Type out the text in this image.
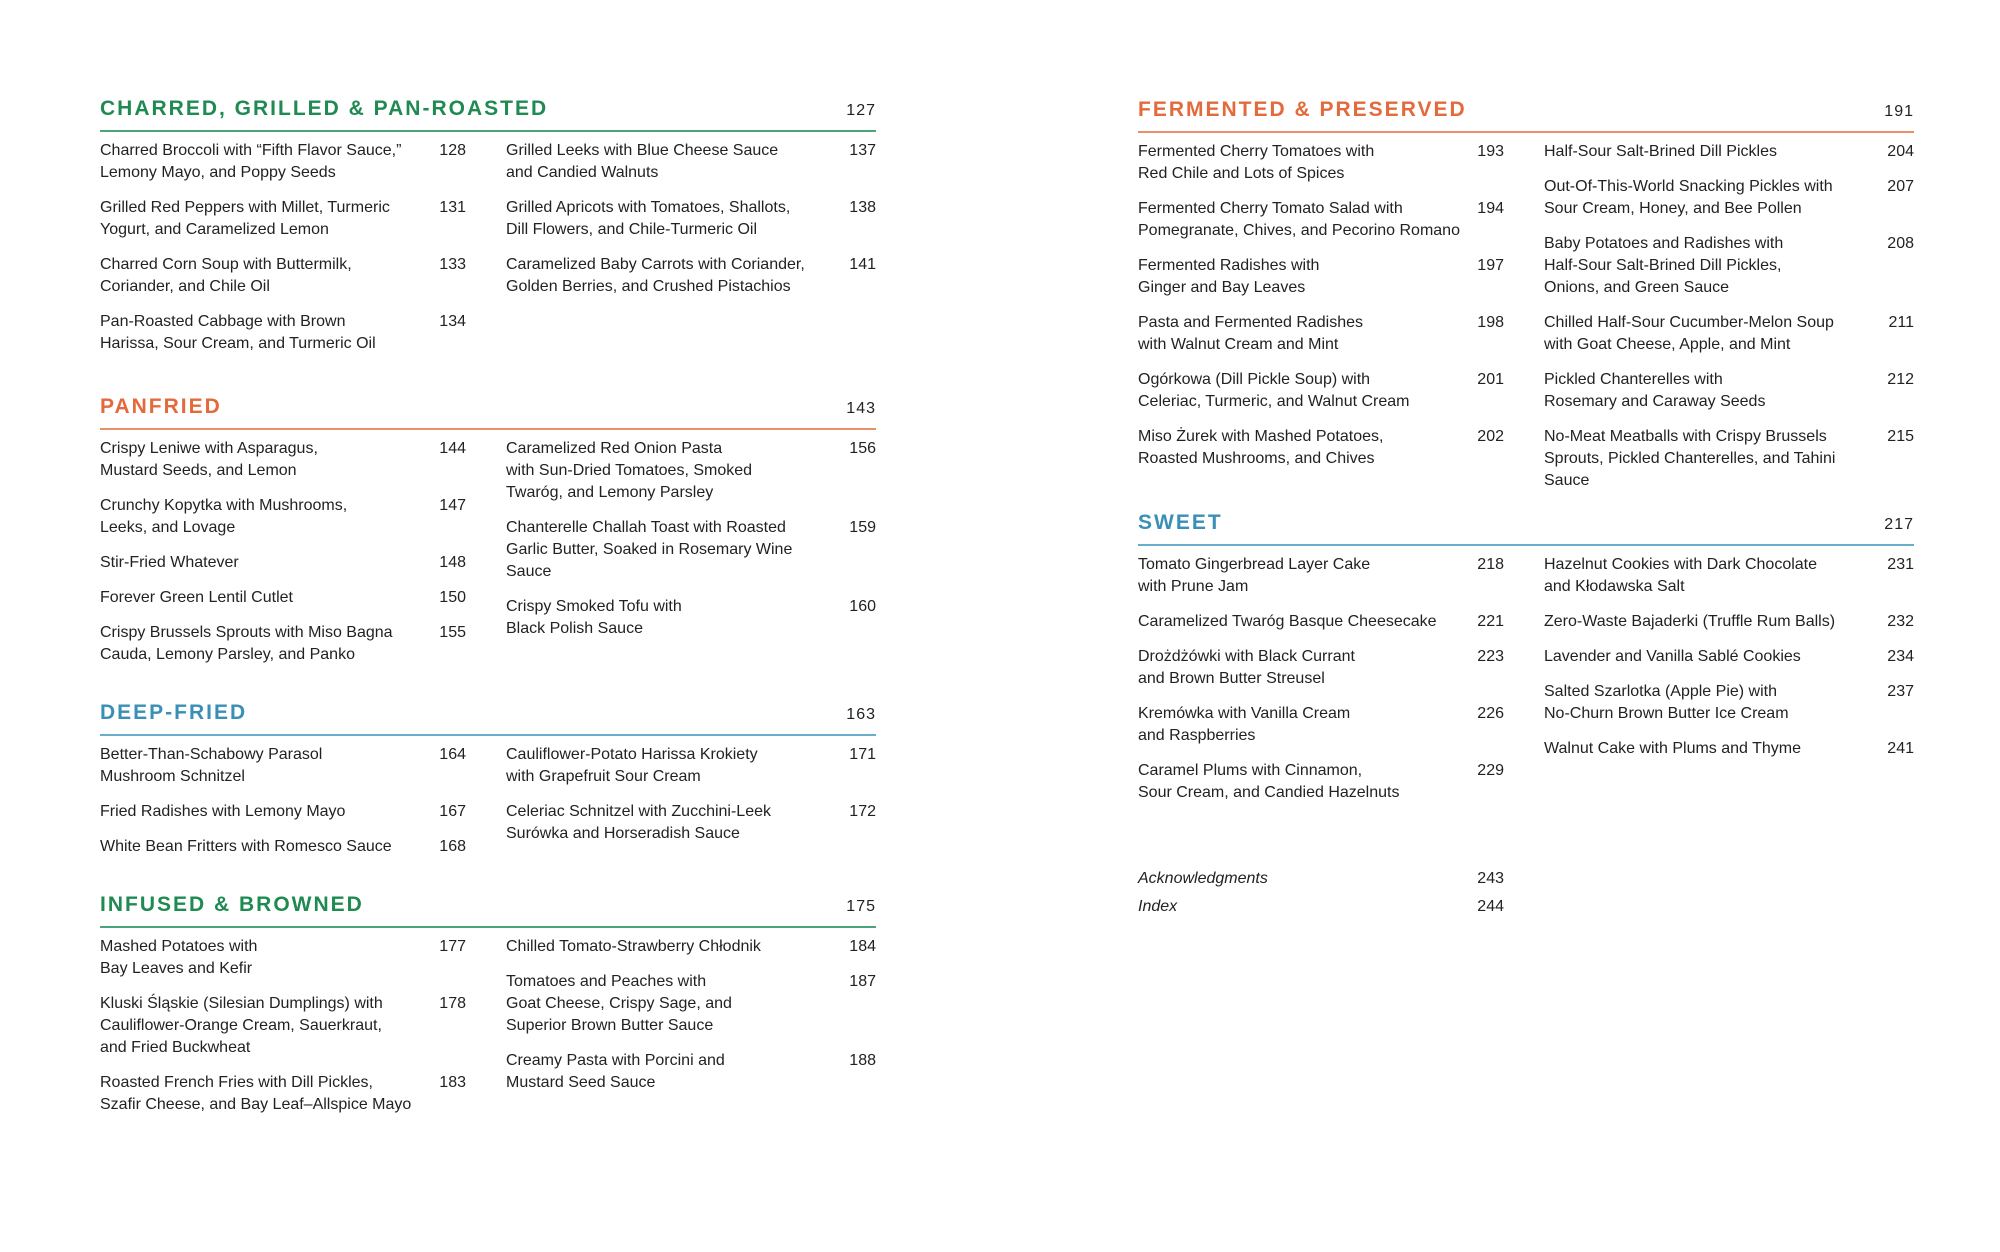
CHARRED, GRILLED & PAN-ROASTED	127
Charred Broccoli with “Fifth Flavor Sauce,”
Lemony Mayo, and Poppy Seeds
128
Grilled Red Peppers with Millet, Turmeric
Yogurt, and Caramelized Lemon
131
Charred Corn Soup with Buttermilk,
Coriander, and Chile Oil
133
Pan-Roasted Cabbage with Brown
Harissa, Sour Cream, and Turmeric Oil
134
Grilled Leeks with Blue Cheese Sauce
and Candied Walnuts
137
Grilled Apricots with Tomatoes, Shallots,
Dill Flowers, and Chile-Turmeric Oil
138
Caramelized Baby Carrots with Coriander,
Golden Berries, and Crushed Pistachios
141
PANFRIED	143
Crispy Leniwe with Asparagus,
Mustard Seeds, and Lemon
144
Crunchy Kopytka with Mushrooms,
Leeks, and Lovage
147
Stir-Fried Whatever	148
Forever Green Lentil Cutlet	150
Crispy Brussels Sprouts with Miso Bagna
Cauda, Lemony Parsley, and Panko
155
Caramelized Red Onion Pasta
with Sun-Dried Tomatoes, Smoked
Twaróg, and Lemony Parsley
156
Chanterelle Challah Toast with Roasted
Garlic Butter, Soaked in Rosemary Wine Sauce
159
Crispy Smoked Tofu with
Black Polish Sauce
160
DEEP-FRIED	163
Better-Than-Schabowy Parasol
Mushroom Schnitzel
164
Fried Radishes with Lemony Mayo	167
White Bean Fritters with Romesco Sauce	168
Cauliflower-Potato Harissa Krokiety
with Grapefruit Sour Cream
171
Celeriac Schnitzel with Zucchini-Leek
Surówka and Horseradish Sauce
172
INFUSED & BROWNED	175
Mashed Potatoes with
Bay Leaves and Kefir
177
Kluski Śląskie (Silesian Dumplings) with
Cauliflower-Orange Cream, Sauerkraut,
and Fried Buckwheat
178
Roasted French Fries with Dill Pickles,
Szafir Cheese, and Bay Leaf–Allspice Mayo
183
Chilled Tomato-Strawberry Chłodnik	184
Tomatoes and Peaches with
Goat Cheese, Crispy Sage, and
Superior Brown Butter Sauce
187
Creamy Pasta with Porcini and
Mustard Seed Sauce
188
FERMENTED & PRESERVED	191
Fermented Cherry Tomatoes with
Red Chile and Lots of Spices
193
Fermented Cherry Tomato Salad with
Pomegranate, Chives, and Pecorino Romano
194
Fermented Radishes with
Ginger and Bay Leaves
197
Pasta and Fermented Radishes
with Walnut Cream and Mint
198
Ogórkowa (Dill Pickle Soup) with
Celeriac, Turmeric, and Walnut Cream
201
Miso Żurek with Mashed Potatoes,
Roasted Mushrooms, and Chives
202
Half-Sour Salt-Brined Dill Pickles	204
Out-Of-This-World Snacking Pickles with
Sour Cream, Honey, and Bee Pollen
207
Baby Potatoes and Radishes with
Half-Sour Salt-Brined Dill Pickles,
Onions, and Green Sauce
208
Chilled Half-Sour Cucumber-Melon Soup
with Goat Cheese, Apple, and Mint
211
Pickled Chanterelles with
Rosemary and Caraway Seeds
212
No-Meat Meatballs with Crispy Brussels
Sprouts, Pickled Chanterelles, and Tahini Sauce
215
SWEET	217
Tomato Gingerbread Layer Cake
with Prune Jam
218
Caramelized Twaróg Basque Cheesecake	221
Drożdżówki with Black Currant
and Brown Butter Streusel
223
Kremówka with Vanilla Cream
and Raspberries
226
Caramel Plums with Cinnamon,
Sour Cream, and Candied Hazelnuts
229
Hazelnut Cookies with Dark Chocolate
and Kłodawska Salt
231
Zero-Waste Bajaderki (Truffle Rum Balls)	232
Lavender and Vanilla Sablé Cookies	234
Salted Szarlotka (Apple Pie) with
No-Churn Brown Butter Ice Cream
237
Walnut Cake with Plums and Thyme	241
Acknowledgments	243
Index	244
